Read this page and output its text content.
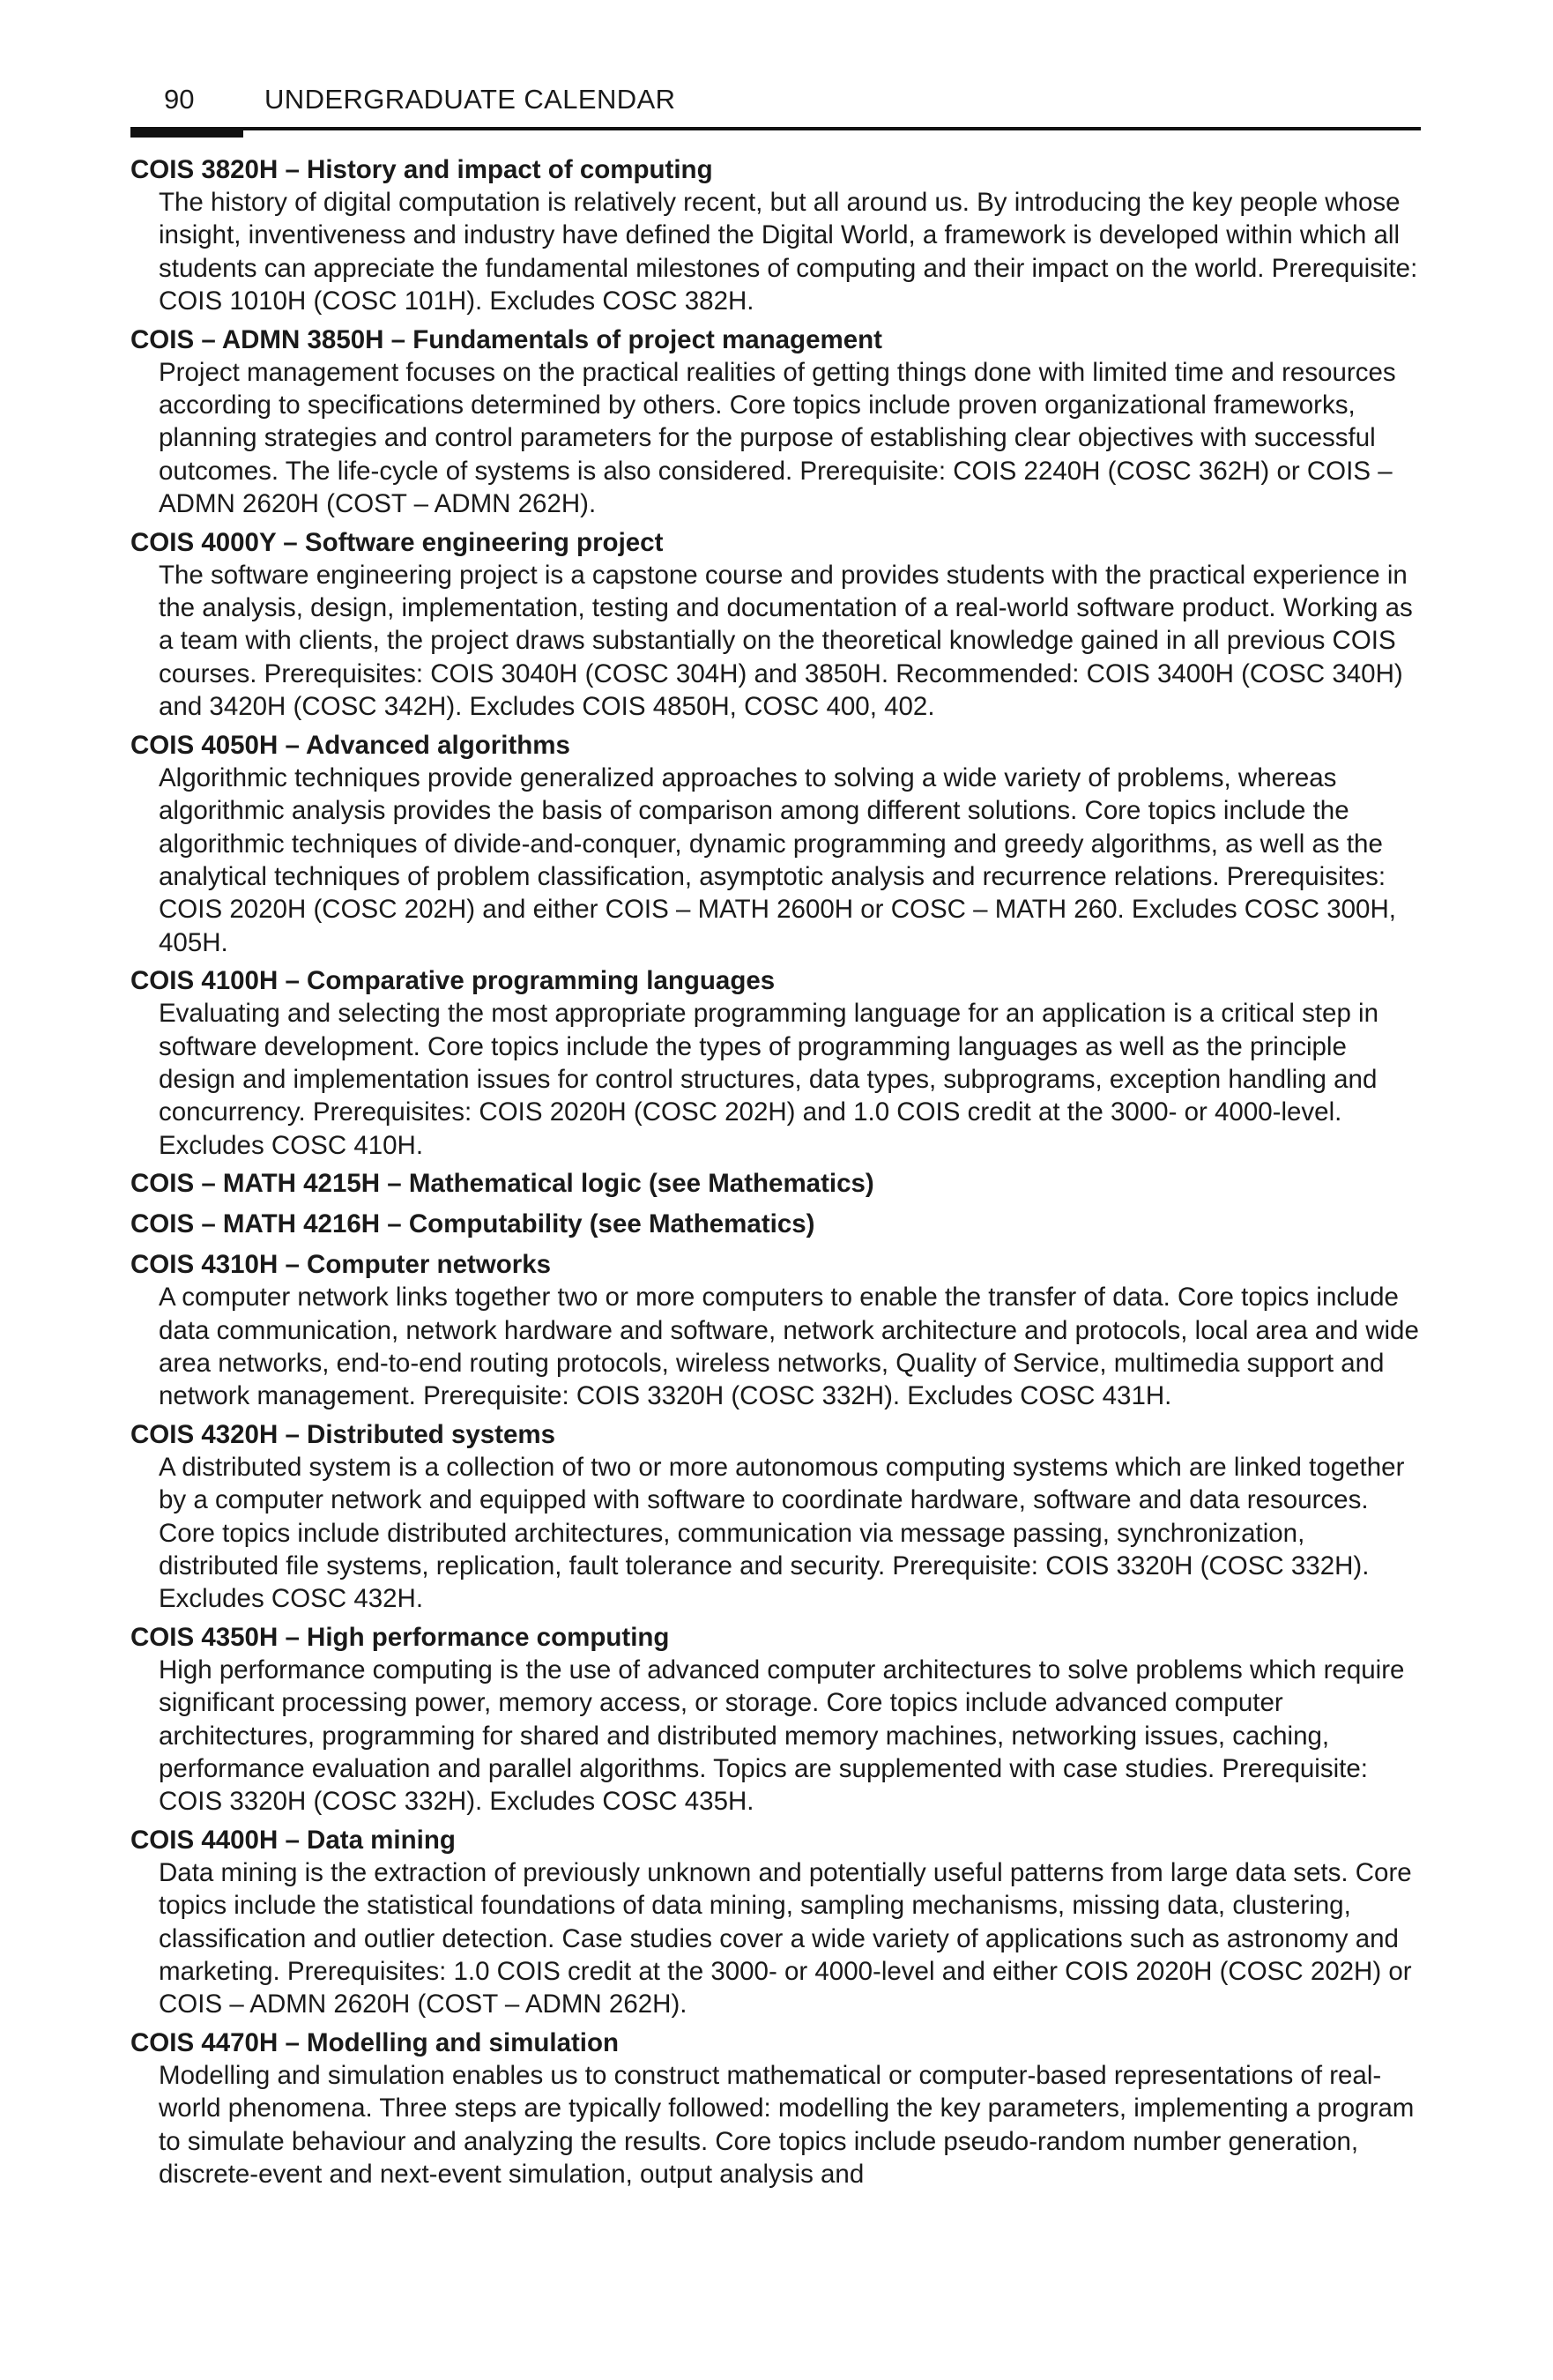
90	UNDERGRADUATE CALENDAR
COIS 3820H – History and impact of computing
The history of digital computation is relatively recent, but all around us. By introducing the key people whose insight, inventiveness and industry have defined the Digital World, a framework is developed within which all students can appreciate the fundamental milestones of computing and their impact on the world. Prerequisite: COIS 1010H (COSC 101H). Excludes COSC 382H.
COIS – ADMN 3850H – Fundamentals of project management
Project management focuses on the practical realities of getting things done with limited time and resources according to specifications determined by others. Core topics include proven organizational frameworks, planning strategies and control parameters for the purpose of establishing clear objectives with successful outcomes. The life-cycle of systems is also considered. Prerequisite: COIS 2240H (COSC 362H) or COIS – ADMN 2620H (COST – ADMN 262H).
COIS 4000Y – Software engineering project
The software engineering project is a capstone course and provides students with the practical experience in the analysis, design, implementation, testing and documentation of a real-world software product. Working as a team with clients, the project draws substantially on the theoretical knowledge gained in all previous COIS courses. Prerequisites: COIS 3040H (COSC 304H) and 3850H. Recommended: COIS 3400H (COSC 340H) and 3420H (COSC 342H). Excludes COIS 4850H, COSC 400, 402.
COIS 4050H – Advanced algorithms
Algorithmic techniques provide generalized approaches to solving a wide variety of problems, whereas algorithmic analysis provides the basis of comparison among different solutions. Core topics include the algorithmic techniques of divide-and-conquer, dynamic programming and greedy algorithms, as well as the analytical techniques of problem classification, asymptotic analysis and recurrence relations. Prerequisites: COIS 2020H (COSC 202H) and either COIS – MATH 2600H or COSC – MATH 260. Excludes COSC 300H, 405H.
COIS 4100H – Comparative programming languages
Evaluating and selecting the most appropriate programming language for an application is a critical step in software development. Core topics include the types of programming languages as well as the principle design and implementation issues for control structures, data types, subprograms, exception handling and concurrency. Prerequisites: COIS 2020H (COSC 202H) and 1.0 COIS credit at the 3000- or 4000-level. Excludes COSC 410H.
COIS – MATH 4215H – Mathematical logic (see Mathematics)
COIS – MATH 4216H – Computability (see Mathematics)
COIS 4310H – Computer networks
A computer network links together two or more computers to enable the transfer of data. Core topics include data communication, network hardware and software, network architecture and protocols, local area and wide area networks, end-to-end routing protocols, wireless networks, Quality of Service, multimedia support and network management. Prerequisite: COIS 3320H (COSC 332H). Excludes COSC 431H.
COIS 4320H – Distributed systems
A distributed system is a collection of two or more autonomous computing systems which are linked together by a computer network and equipped with software to coordinate hardware, software and data resources. Core topics include distributed architectures, communication via message passing, synchronization, distributed file systems, replication, fault tolerance and security. Prerequisite: COIS 3320H (COSC 332H). Excludes COSC 432H.
COIS 4350H – High performance computing
High performance computing is the use of advanced computer architectures to solve problems which require significant processing power, memory access, or storage. Core topics include advanced computer architectures, programming for shared and distributed memory machines, networking issues, caching, performance evaluation and parallel algorithms. Topics are supplemented with case studies. Prerequisite: COIS 3320H (COSC 332H). Excludes COSC 435H.
COIS 4400H – Data mining
Data mining is the extraction of previously unknown and potentially useful patterns from large data sets. Core topics include the statistical foundations of data mining, sampling mechanisms, missing data, clustering, classification and outlier detection. Case studies cover a wide variety of applications such as astronomy and marketing. Prerequisites: 1.0 COIS credit at the 3000- or 4000-level and either COIS 2020H (COSC 202H) or COIS – ADMN 2620H (COST – ADMN 262H).
COIS 4470H – Modelling and simulation
Modelling and simulation enables us to construct mathematical or computer-based representations of real-world phenomena. Three steps are typically followed: modelling the key parameters, implementing a program to simulate behaviour and analyzing the results. Core topics include pseudo-random number generation, discrete-event and next-event simulation, output analysis and
